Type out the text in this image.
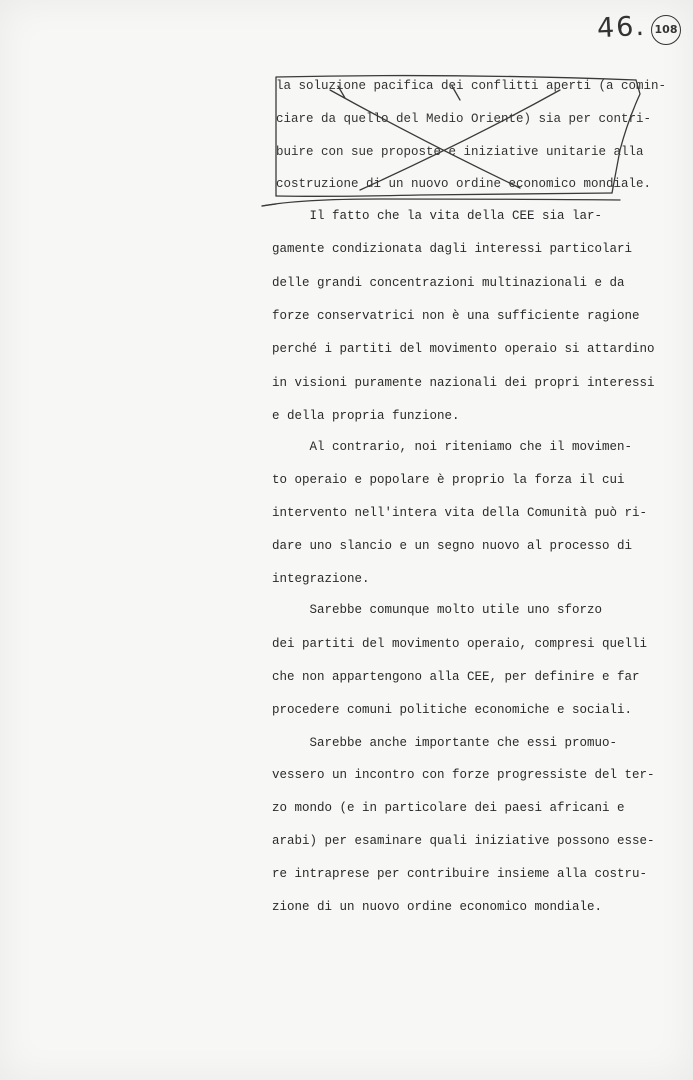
46. 108
la soluzione pacifica dei conflitti aperti (a comin-
ciare da quello del Medio Oriente) sia per contri-
buire con sue proposte e iniziative unitarie alla
costruzione di un nuovo ordine economico mondiale.
Il fatto che la vita della CEE sia lar-
gamente condizionata dagli interessi particolari
delle grandi concentrazioni multinazionali e da
forze conservatrici non è una sufficiente ragione
perché i partiti del movimento operaio si attardino
in visioni puramente nazionali dei propri interessi
e della propria funzione.
Al contrario, noi riteniamo che il movimen-
to operaio e popolare è proprio la forza il cui
intervento nell'intera vita della Comunità può ri-
dare uno slancio e un segno nuovo al processo di
integrazione.
Sarebbe comunque molto utile uno sforzo
dei partiti del movimento operaio, compresi quelli
che non appartengono alla CEE, per definire e far
procedere comuni politiche economiche e sociali.
Sarebbe anche importante che essi promuo-
vessero un incontro con forze progressiste del ter-
zo mondo (e in particolare dei paesi africani e
arabi) per esaminare quali iniziative possono esse-
re intraprese per contribuire insieme alla costru-
zione di un nuovo ordine economico mondiale.
